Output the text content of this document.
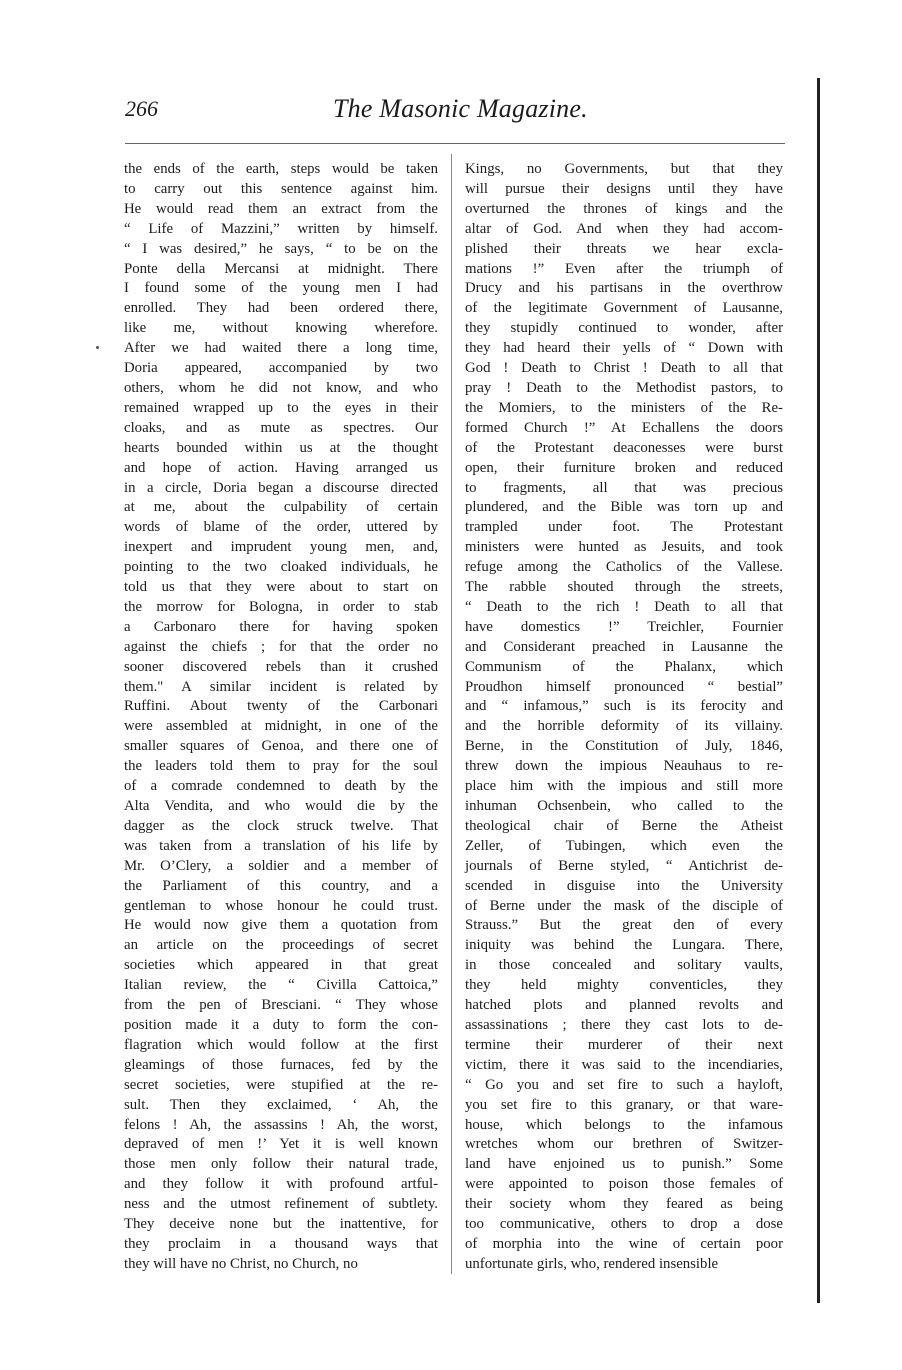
266	The Masonic Magazine.
the ends of the earth, steps would be taken
to carry out this sentence against him.
He would read them an extract from the
“ Life of Mazzini,” written by himself.
“ I was desired,” he says, “ to be on the
Ponte della Mercansi at midnight. There
I found some of the young men I had
enrolled. They had been ordered there,
like me, without knowing wherefore.
After we had waited there a long time,
Doria appeared, accompanied by two
others, whom he did not know, and who
remained wrapped up to the eyes in their
cloaks, and as mute as spectres. Our
hearts bounded within us at the thought
and hope of action. Having arranged us
in a circle, Doria began a discourse directed
at me, about the culpability of certain
words of blame of the order, uttered by
inexpert and imprudent young men, and,
pointing to the two cloaked individuals, he
told us that they were about to start on
the morrow for Bologna, in order to stab
a Carbonaro there for having spoken
against the chiefs ; for that the order no
sooner discovered rebels than it crushed
them." A similar incident is related by
Ruffini. About twenty of the Carbonari
were assembled at midnight, in one of the
smaller squares of Genoa, and there one of
the leaders told them to pray for the soul
of a comrade condemned to death by the
Alta Vendita, and who would die by the
dagger as the clock struck twelve. That
was taken from a translation of his life by
Mr. O’Clery, a soldier and a member of
the Parliament of this country, and a
gentleman to whose honour he could trust.
He would now give them a quotation from
an article on the proceedings of secret
societies which appeared in that great
Italian review, the “ Civilla Cattoica,”
from the pen of Bresciani. “ They whose
position made it a duty to form the con-
flagration which would follow at the first
gleamings of those furnaces, fed by the
secret societies, were stupified at the re-
sult. Then they exclaimed, ‘ Ah, the
felons ! Ah, the assassins ! Ah, the worst,
depraved of men !’ Yet it is well known
those men only follow their natural trade,
and they follow it with profound artful-
ness and the utmost refinement of subtlety.
They deceive none but the inattentive, for
they proclaim in a thousand ways that
they will have no Christ, no Church, no
Kings, no Governments, but that they
will pursue their designs until they have
overturned the thrones of kings and the
altar of God. And when they had accom-
plished their threats we hear excla-
mations !” Even after the triumph of
Drucy and his partisans in the overthrow
of the legitimate Government of Lausanne,
they stupidly continued to wonder, after
they had heard their yells of “ Down with
God ! Death to Christ ! Death to all that
pray ! Death to the Methodist pastors, to
the Momiers, to the ministers of the Re-
formed Church !” At Echallens the doors
of the Protestant deaconesses were burst
open, their furniture broken and reduced
to fragments, all that was precious
plundered, and the Bible was torn up and
trampled under foot. The Protestant
ministers were hunted as Jesuits, and took
refuge among the Catholics of the Vallese.
The rabble shouted through the streets,
“ Death to the rich ! Death to all that
have domestics !” Treichler, Fournier
and Considerant preached in Lausanne the
Communism of the Phalanx, which
Proudhon himself pronounced “ bestial”
and “ infamous,” such is its ferocity and
and the horrible deformity of its villainy.
Berne, in the Constitution of July, 1846,
threw down the impious Neauhaus to re-
place him with the impious and still more
inhuman Ochsenbein, who called to the
theological chair of Berne the Atheist
Zeller, of Tubingen, which even the
journals of Berne styled, “ Antichrist de-
scended in disguise into the University
of Berne under the mask of the disciple of
Strauss.” But the great den of every
iniquity was behind the Lungara. There,
in those concealed and solitary vaults,
they held mighty conventicles, they
hatched plots and planned revolts and
assassinations ; there they cast lots to de-
termine their murderer of their next
victim, there it was said to the incendiaries,
“ Go you and set fire to such a hayloft,
you set fire to this granary, or that ware-
house, which belongs to the infamous
wretches whom our brethren of Switzer-
land have enjoined us to punish.” Some
were appointed to poison those females of
their society whom they feared as being
too communicative, others to drop a dose
of morphia into the wine of certain poor
unfortunate girls, who, rendered insensible
